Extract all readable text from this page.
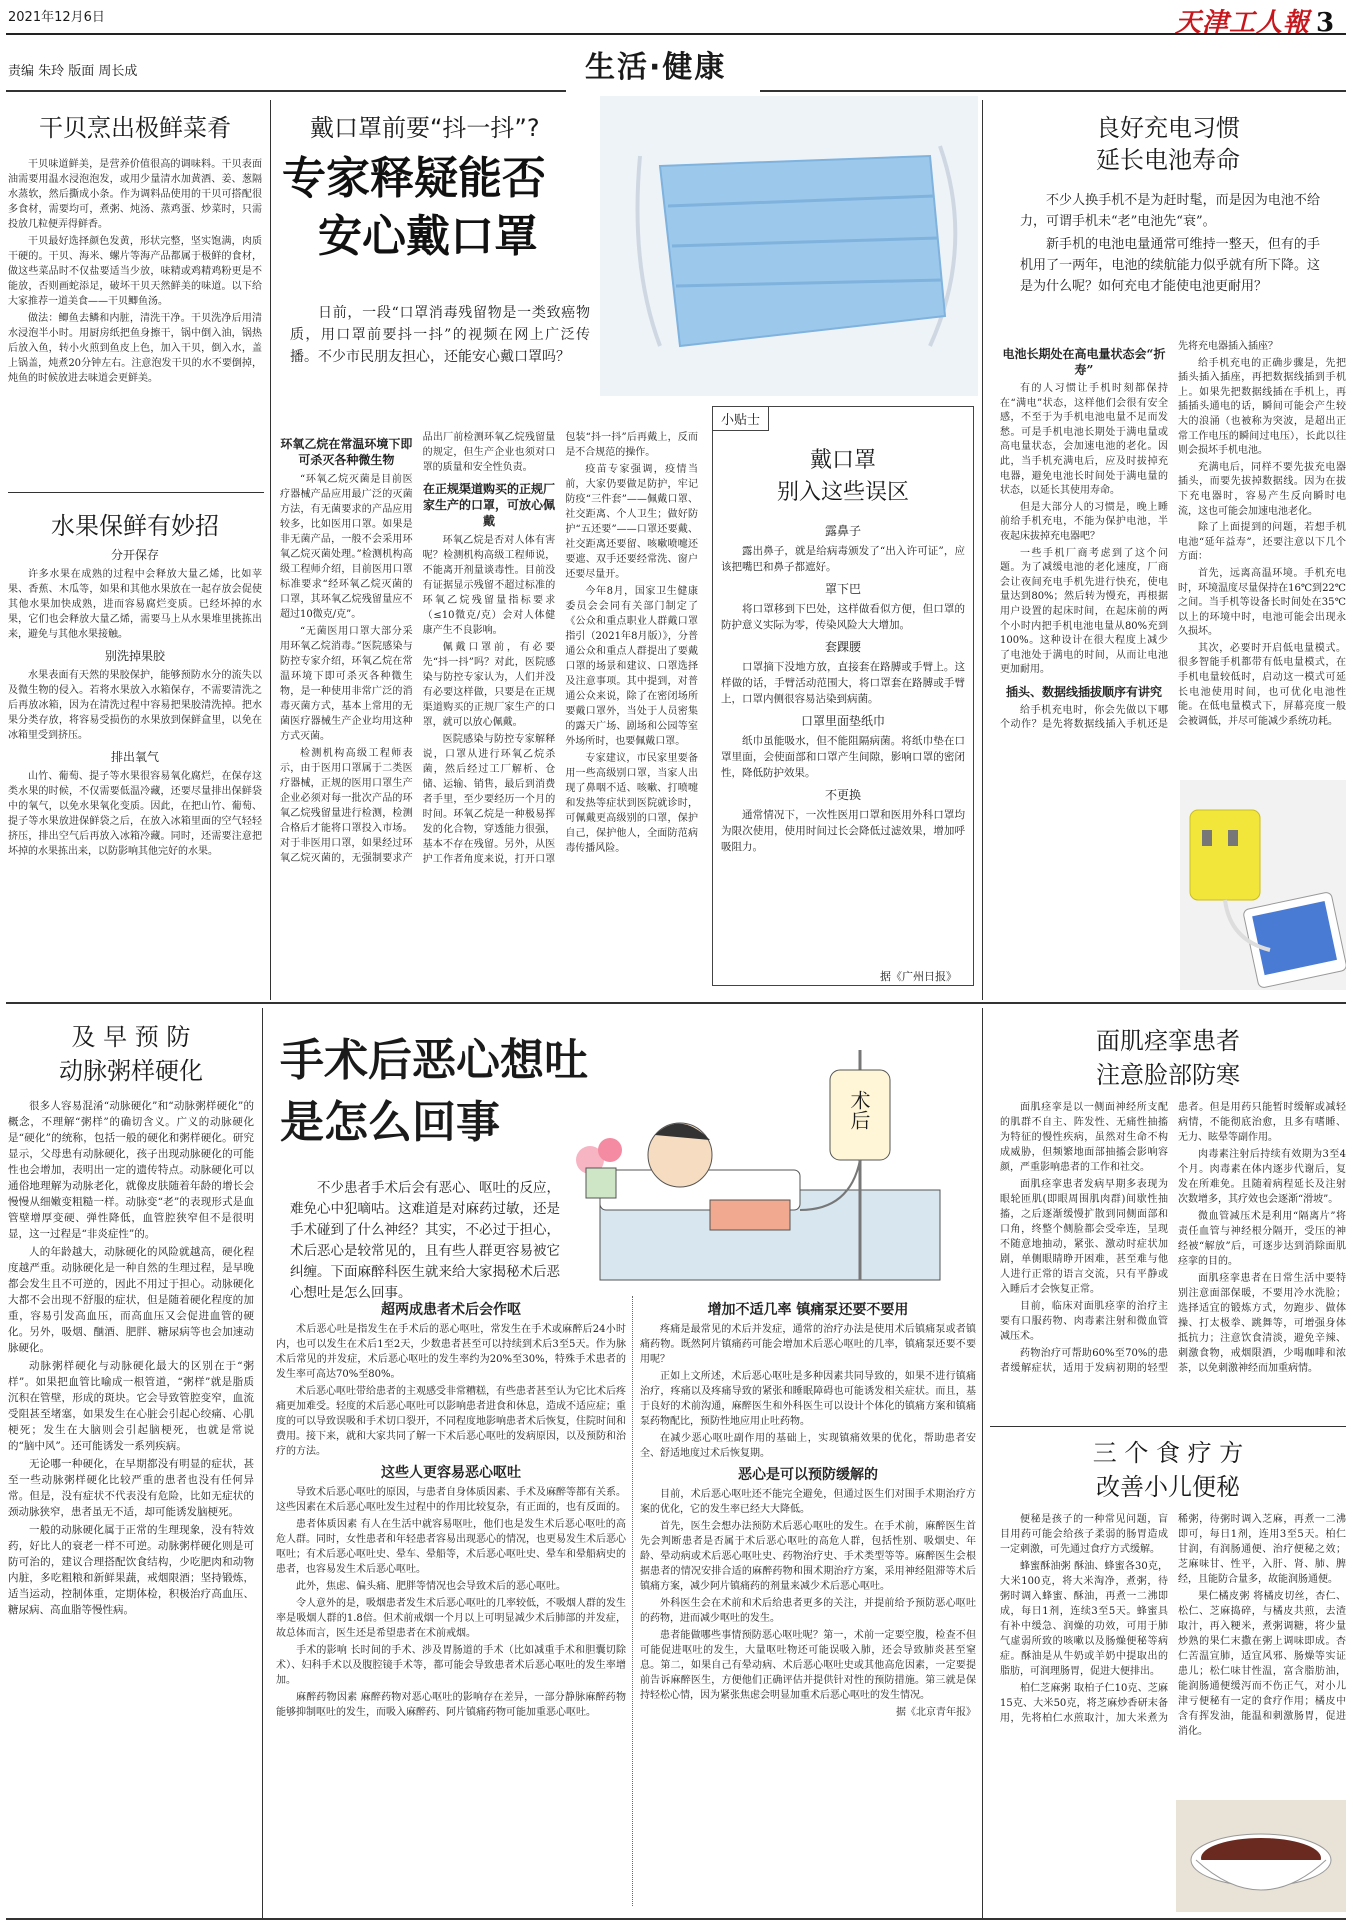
2021年12月6日	天津工人報 3
责编 朱玲 版面 周长成	生活·健康
干贝烹出极鲜菜肴

干贝味道鲜美，是营养价值很高的调味料。干贝表面油需要用温水浸泡泡发，或用少量清水加黄酒、姜、葱隔水蒸软，然后撕成小条。作为调料品使用的干贝可搭配很多食材，需要均可，煮粥、炖汤、蒸鸡蛋、炒菜时，只需投放几粒便弄得鲜香。

干贝最好选择颜色发黄，形状完整，坚实饱满，肉质干硬的。干贝、海米、螺片等海产品都属于极鲜的食材，做这些菜品时不仅盐要适当少放，味精或鸡精鸡粉更是不能放，否则画蛇添足，破坏干贝天然鲜美的味道。以下给大家推荐一道美食——干贝鲫鱼汤。

做法：鲫鱼去鳞和内脏，清洗干净。干贝洗净后用清水浸泡半小时。用厨房纸把鱼身擦干，锅中倒入油，锅热后放入鱼，转小火煎到鱼皮上色，加入干贝，倒入水，盖上锅盖，炖煮20分钟左右。注意泡发干贝的水不要倒掉，炖鱼的时候放进去味道会更鲜美。

水果保鲜有妙招
分开保存

许多水果在成熟的过程中会释放大量乙烯，比如苹果、香蕉、木瓜等，如果和其他水果放在一起存放会促使其他水果加快成熟，进而容易腐烂变质。已经坏掉的水果，它们也会释放大量乙烯，需要马上从水果堆里挑拣出来，避免与其他水果接触。

别洗掉果胶

水果表面有天然的果胶保护，能够预防水分的流失以及微生物的侵入。若将水果放入水箱保存，不需要清洗之后再放冰箱，因为在清洗过程中容易把果胶清洗掉。把水果分类存放，将容易受损伤的水果放到保鲜盒里，以免在冰箱里受到挤压。

排出氧气

山竹、葡萄、提子等水果很容易氧化腐烂，在保存这类水果的时候，不仅需要低温冷藏，还要尽量排出保鲜袋中的氧气，以免水果氧化变质。因此，在把山竹、葡萄、提子等水果放进保鲜袋之后，在放入冰箱里面的空气轻轻挤压，排出空气后再放入冰箱冷藏。同时，还需要注意把坏掉的水果拣出来，以防影响其他完好的水果。

戴口罩前要“抖一抖”?
专家释疑能否
安心戴口罩
日前，一段“口罩消毒残留物是一类致癌物质，用口罩前要抖一抖”的视频在网上广泛传播。不少市民朋友担心，还能安心戴口罩吗？
环氧乙烷在常温环境下即可杀灭各种微生物

“环氧乙烷灭菌是目前医疗器械产品应用最广泛的灭菌方法，有无菌要求的产品应用较多，比如医用口罩。如果是非无菌产品，一般不会采用环氧乙烷灭菌处理。”检测机构高级工程师介绍，目前医用口罩标准要求“经环氧乙烷灭菌的口罩，其环氧乙烷残留量应不超过10微克/克”。

“无菌医用口罩大部分采用环氧乙烷消毒。”医院感染与防控专家介绍，环氧乙烷在常温环境下即可杀灭各种微生物，是一种使用非常广泛的消毒灭菌方式，基本上常用的无菌医疗器械生产企业均用这种方式灭菌。

检测机构高级工程师表示，由于医用口罩属于二类医疗器械，正规的医用口罩生产企业必须对每一批次产品的环氧乙烷残留量进行检测，检测合格后才能将口罩投入市场。对于非医用口罩，如果经过环氧乙烷灭菌的，无强制要求产品出厂前检测环氧乙烷残留量的规定，但生产企业也须对口罩的质量和安全性负责。

在正规渠道购买的正规厂家生产的口罩，可放心佩戴

环氧乙烷是否对人体有害呢？检测机构高级工程师说，不能离开剂量谈毒性。目前没有证据显示残留不超过标准的环氧乙烷残留量指标要求（≤10微克/克）会对人体健康产生不良影响。

佩戴口罩前，有必要先“抖一抖”吗？对此，医院感染与防控专家认为，人们并没有必要这样做，只要是在正规渠道购买的正规厂家生产的口罩，就可以放心佩戴。

医院感染与防控专家解释说，口罩从进行环氧乙烷杀菌，然后经过工厂解析、仓储、运输、销售，最后到消费者手里，至少要经历一个月的时间。环氧乙烷是一种极易挥发的化合物，穿透能力很强，基本不存在残留。另外，从医护工作者角度来说，打开口罩包装“抖一抖”后再戴上，反而是不合规范的操作。

疫苗专家强调，疫情当前，大家仍要做足防护，牢记防疫“三件套”——佩戴口罩、社交距离、个人卫生；做好防护“五还要”——口罩还要戴、社交距离还要留、咳嗽喷嚏还要遮、双手还要经常洗、窗户还要尽量开。

今年8月，国家卫生健康委员会会同有关部门制定了《公众和重点职业人群戴口罩指引（2021年8月版）》，分普通公众和重点人群提出了要戴口罩的场景和建议、口罩选择及注意事项。其中提到，对普通公众来说，除了在密闭场所要戴口罩外，当处于人员密集的露天广场、剧场和公园等室外场所时，也要佩戴口罩。

专家建议，市民家里要备用一些高级别口罩，当家人出现了鼻咽不适、咳嗽、打喷嚏和发热等症状到医院就诊时，可佩戴更高级别的口罩，保护自己，保护他人，全面防范病毒传播风险。

小贴士
戴口罩
别入这些误区
露鼻子

露出鼻子，就是给病毒颁发了“出入许可证”，应该把嘴巴和鼻子都遮好。

罩下巴

将口罩移到下巴处，这样做看似方便，但口罩的防护意义实际为零，传染风险大大增加。

套踝腰

口罩摘下没地方放，直接套在路膊或手臂上。这样做的话，手臂活动范围大，将口罩套在路膊或手臂上，口罩内侧很容易沾染到病菌。

口罩里面垫纸巾

纸巾虽能吸水，但不能阻隔病菌。将纸巾垫在口罩里面，会使面部和口罩产生间隙，影响口罩的密闭性，降低防护效果。

不更换

通常情况下，一次性医用口罩和医用外科口罩均为限次使用，使用时间过长会降低过滤效果，增加呼吸阻力。

据《广州日报》
良好充电习惯
延长电池寿命

不少人换手机不是为赶时髦，而是因为电池不给力，可谓手机未“老”电池先“衰”。

新手机的电池电量通常可维持一整天，但有的手机用了一两年，电池的续航能力似乎就有所下降。这是为什么呢？如何充电才能使电池更耐用？

电池长期处在高电量状态会“折寿”

有的人习惯让手机时刻都保持在“满电”状态，这样他们会很有安全感，不至于为手机电池电量不足而发愁。可是手机电池长期处于满电量或高电量状态，会加速电池的老化。因此，当手机充满电后，应及时拔掉充电器，避免电池长时间处于满电量的状态，以延长其使用寿命。

但是大部分人的习惯是，晚上睡前给手机充电，不能为保护电池，半夜起床拔掉充电器吧？

一些手机厂商考虑到了这个问题。为了减缓电池的老化速度，厂商会让夜间充电手机先进行快充，使电量达到80%；然后转为慢充，再根据用户设置的起床时间，在起床前的两个小时内把手机电池电量从80%充到100%。这种设计在很大程度上减少了电池处于满电的时间，从而让电池更加耐用。

插头、数据线插拔顺序有讲究

给手机充电时，你会先做以下哪个动作？是先将数据线插入手机还是先将充电器插入插座？

给手机充电的正确步骤是，先把插头插入插座，再把数据线插到手机上。如果先把数据线插在手机上，再插插头通电的话，瞬间可能会产生较大的浪涌（也被称为突波，是超出正常工作电压的瞬间过电压），长此以往则会损坏手机电池。

充满电后，同样不要先拔充电器插头，而要先拔掉数据线。因为在拔下充电器时，容易产生反向瞬时电流，这也可能会加速电池老化。

除了上面提到的问题，若想手机电池“延年益寿”，还要注意以下几个方面：

首先，远离高温环境。手机充电时，环境温度尽量保持在16℃到22℃之间。当手机等设备长时间处在35℃以上的环境中时，电池可能会出现永久损坏。

其次，必要时开启低电量模式。很多智能手机都带有低电量模式，在手机电量较低时，启动这一模式可延长电池使用时间，也可优化电池性能。在低电量模式下，屏幕亮度一般会被调低，并尽可能减少系统功耗。

及 早 预 防
动脉粥样硬化

很多人容易混淆“动脉硬化”和“动脉粥样硬化”的概念，不理解“粥样”的确切含义。广义的动脉硬化是“硬化”的统称，包括一般的硬化和粥样硬化。研究显示，父母患有动脉硬化，孩子出现动脉硬化的可能性也会增加，表明出一定的遗传特点。动脉硬化可以通俗地理解为动脉老化，就像皮肤随着年龄的增长会慢慢从细嫩变粗糙一样。动脉变“老”的表现形式是血管壁增厚变硬、弹性降低，血管腔狭窄但不是很明显，这一过程是“非炎症性”的。

人的年龄越大，动脉硬化的风险就越高，硬化程度越严重。动脉硬化是一种自然的生理过程，是早晚都会发生且不可逆的，因此不用过于担心。动脉硬化大都不会出现不舒服的症状，但是随着硬化程度的加重，容易引发高血压，而高血压又会促进血管的硬化。另外，吸烟、酗酒、肥胖、糖尿病等也会加速动脉硬化。

动脉粥样硬化与动脉硬化最大的区别在于“粥样”。如果把血管比喻成一根管道，“粥样”就是脂质沉积在管壁，形成的斑块。它会导致管腔变窄，血流受阻甚至堵塞，如果发生在心脏会引起心绞痛、心肌梗死；发生在大脑则会引起脑梗死，也就是常说的“脑中风”。还可能诱发一系列疾病。

无论哪一种硬化，在早期都没有明显的症状，甚至一些动脉粥样硬化比较严重的患者也没有任何异常。但是，没有症状不代表没有危险，比如无症状的颈动脉狭窄，患者虽无不适，却可能诱发脑梗死。

一般的动脉硬化属于正常的生理现象，没有特效药，好比人的衰老一样不可逆。动脉粥样硬化则是可防可治的，建议合理搭配饮食结构，少吃肥肉和动物内脏，多吃粗粮和新鲜果蔬，戒烟限酒；坚持锻炼，适当运动，控制体重，定期体检，积极治疗高血压、糖尿病、高血脂等慢性病。

手术后恶心想吐
是怎么回事
不少患者手术后会有恶心、呕吐的反应，难免心中犯嘀咕。这难道是对麻药过敏，还是手术碰到了什么神经？其实，不必过于担心，术后恶心是较常见的，且有些人群更容易被它纠缠。下面麻醉科医生就来给大家揭秘术后恶心想吐是怎么回事。
术后
超两成患者术后会作呕

术后恶心吐是指发生在手术后的恶心呕吐，常发生在手术或麻醉后24小时内，也可以发生在术后1至2天，少数患者甚至可以持续到术后3至5天。作为脉术后常见的并发症，术后恶心呕吐的发生率约为20%至30%，特殊手术患者的发生率可高达70%至80%。

术后恶心呕吐带给患者的主观感受非常糟糕，有些患者甚至认为它比术后疼痛更加难受。轻度的术后恶心呕吐可以影响患者进食和休息，造成不适应症；重度的可以导致误吸和手术切口裂开，不同程度地影响患者术后恢复，住院时间和费用。接下来，就和大家共同了解一下术后恶心呕吐的发病原因，以及预防和治疗的方法。

这些人更容易恶心呕吐

导致术后恶心呕吐的原因，与患者自身体质因素、手术及麻醉等都有关系。这些因素在术后恶心呕吐发生过程中的作用比较复杂，有正面的，也有反面的。

患者体质因素 有人在生活中就容易呕吐，他们也是发生术后恶心呕吐的高危人群。同时，女性患者和年轻患者容易出现恶心的情况，也更易发生术后恶心呕吐；有术后恶心呕吐史、晕车、晕船等，术后恶心呕吐史、晕车和晕船病史的患者，也容易发生术后恶心呕吐。

此外，焦虑、偏头痛、肥胖等情况也会导致术后的恶心呕吐。

令人意外的是，吸烟患者发生术后恶心呕吐的几率较低，不吸烟人群的发生率是吸烟人群的1.8倍。但术前戒烟一个月以上可明显减少术后肺部的并发症，故总体而言，医生还是希望患者在术前戒烟。

手术的影响 长时间的手术、涉及胃肠道的手术（比如减重手术和胆囊切除术）、妇科手术以及腹腔镜手术等，都可能会导致患者术后恶心呕吐的发生率增加。

麻醉药物因素 麻醉药物对恶心呕吐的影响存在差异，一部分静脉麻醉药物能够抑制呕吐的发生，而吸入麻醉药、阿片镇痛药物可能加重恶心呕吐。

增加不适几率 镇痛泵还要不要用

疼痛是最常见的术后并发症，通常的治疗办法是使用术后镇痛泵或者镇痛药物。既然阿片镇痛药可能会增加术后恶心呕吐的几率，镇痛泵还要不要用呢？

正如上文所述，术后恶心呕吐是多种因素共同导致的，如果不进行镇痛治疗，疼痛以及疼痛导致的紧张和睡眠障碍也可能诱发相关症状。而且，基于良好的术前沟通，麻醉医生和外科医生可以设计个体化的镇痛方案和镇痛泵药物配比，预防性地应用止吐药物。

在减少恶心呕吐副作用的基础上，实现镇痛效果的优化，帮助患者安全、舒适地度过术后恢复期。

恶心是可以预防缓解的

目前，术后恶心呕吐还不能完全避免，但通过医生们对围手术期治疗方案的优化，它的发生率已经大大降低。

首先，医生会想办法预防术后恶心呕吐的发生。在手术前，麻醉医生首先会判断患者是否属于术后恶心呕吐的高危人群，包括性别、吸烟史、年龄、晕动病或术后恶心呕吐史、药物治疗史、手术类型等等。麻醉医生会根据患者的情况安排合适的麻醉药物和围术期治疗方案，采用神经阻滞等术后镇痛方案，减少阿片镇痛药的剂量来减少术后恶心呕吐。

外科医生会在术前和术后给患者更多的关注，并提前给予预防恶心呕吐的药物，进而减少呕吐的发生。

患者能做哪些事情预防恶心呕吐呢？第一，术前一定要空腹，检查不但可能促进呕吐的发生，大量呕吐物还可能误吸入肺，还会导致肺炎甚至窒息。第二，如果自己有晕动病、术后恶心呕吐史或其他高危因素，一定要提前告诉麻醉医生，方便他们正确评估并提供针对性的预防措施。第三就是保持轻松心情，因为紧张焦虑会明显加重术后恶心呕吐的发生情况。

据《北京青年报》
面肌痉挛患者
注意脸部防寒

面肌痉挛是以一侧面神经所支配的肌群不自主、阵发性、无痛性抽搐为特征的慢性疾病，虽然对生命不构成威胁，但频繁地面部抽搐会影响容颜，严重影响患者的工作和社交。

面肌痉挛患者发病早期多表现为眼轮匝肌(即眼周围肌肉群)间歇性抽搐，之后逐渐缓慢扩散到同侧面部和口角，终整个侧脸都会受牵连，呈现不随意地抽动，紧张、激动时症状加剧，单侧眼睛睁开困难，甚至难与他人进行正常的语言交流，只有平静或入睡后才会恢复正常。

目前，临床对面肌痉挛的治疗主要有口服药物、肉毒素注射和微血管减压术。

药物治疗可帮助60%至70%的患者缓解症状，适用于发病初期的轻型患者。但是用药只能暂时缓解或减轻病情，不能彻底治愈，且多有嗜睡、无力、眩晕等副作用。

肉毒素注射后持续有效期为3至4个月。肉毒素在体内逐步代谢后，复发在所难免。且随着病程延长及注射次数增多，其疗效也会逐渐“滑坡”。

微血管减压术是利用“隔离片”将责任血管与神经根分隔开，受压的神经被“解放”后，可逐步达到消除面肌痉挛的目的。

面肌痉挛患者在日常生活中要特别注意面部保暖，不要用冷水洗脸；选择适宜的锻炼方式，勿跑步、做体操、打太极拳、跳舞等，可增强身体抵抗力；注意饮食清淡，避免辛辣、刺激食物，戒烟限酒，少喝咖啡和浓茶，以免刺激神经而加重病情。

三 个 食 疗 方
改善小儿便秘

便秘是孩子的一种常见问题，盲目用药可能会给孩子柔弱的肠胃造成一定刺激，可先通过食疗方式缓解。

蜂蜜酥油粥 酥油、蜂蜜各30克，大米100克，将大米淘净，煮粥，待粥时调入蜂蜜、酥油，再煮一二沸即成，每日1剂，连续3至5天。蜂蜜具有补中缓急、润燥的功效，可用于肺气虚弱所致的咳嗽以及肠燥便秘等病症。酥油是从牛奶或羊奶中提取出的脂肪，可润理肠胃，促进大便排出。

柏仁芝麻粥 取柏子仁10克、芝麻15克、大米50克，将芝麻炒香研末备用，先将柏仁水煎取汁，加大米煮为稀粥，待粥时调入芝麻，再煮一二沸即可，每日1剂，连用3至5天。柏仁甘润，有润肠通便、治疗便秘之效；芝麻味甘、性平，入肝、肾、肺、脾经，且能防合量多，故能润肠通便。

果仁橘皮粥 将橘皮切丝，杏仁、松仁、芝麻捣碎，与橘皮共煎，去渣取汁，再入粳米，煮粥调糖，将少量炒熟的果仁末撒在粥上调味即成。杏仁苦温宣肺，适宜风邪、肠燥等实证患儿；松仁味甘性温，富含脂肪油，能润肠通便缓泻而不伤正气，对小儿津亏便秘有一定的食疗作用；橘皮中含有挥发油，能温和刺激肠胃，促进消化。
